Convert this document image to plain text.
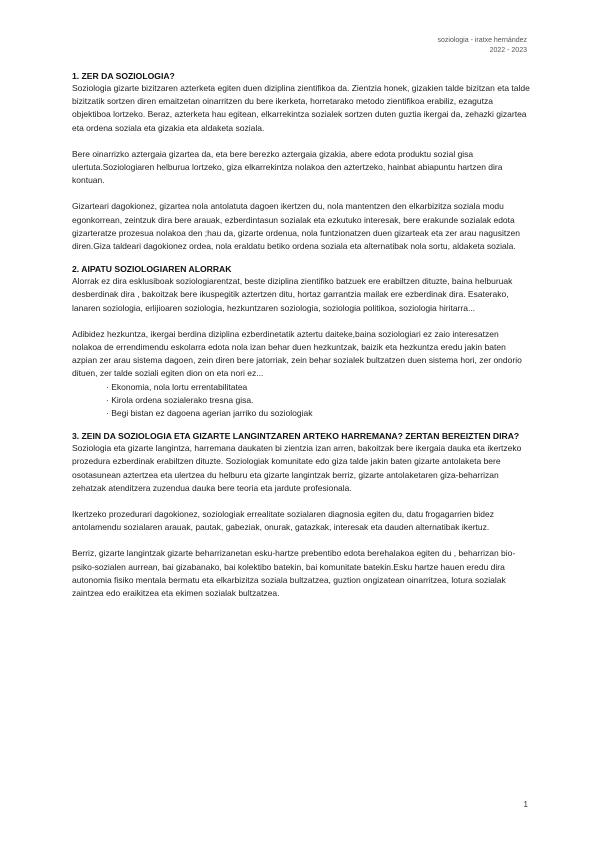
soziologia - iratxe hernández
2022 - 2023

1. ZER DA SOZIOLOGIA?

Soziologia gizarte bizitzaren azterketa egiten duen diziplina zientifikoa da. Zientzia honek, gizakien talde bizitzan eta talde bizitzatik sortzen diren emaitzetan oinarritzen du bere ikerketa, horretarako metodo zientifikoa erabiliz, ezagutza objektiboa lortzeko. Beraz, azterketa hau egitean, elkarrekintza sozialek sortzen duten guztia ikergai da, zehazki gizartea eta ordena soziala eta gizakia eta aldaketa soziala.

Bere oinarrizko aztergaia gizartea da, eta bere berezko aztergaia gizakia, abere edota produktu sozial gisa ulertuta.Soziologiaren helburua lortzeko, giza elkarrekintza nolakoa den aztertzeko, hainbat abiapuntu hartzen dira kontuan.

Gizarteari dagokionez, gizartea nola antolatuta dagoen ikertzen du, nola mantentzen den elkarbizitza soziala modu egonkorrean, zeintzuk dira bere arauak, ezberdintasun sozialak eta ezkutuko interesak, bere erakunde sozialak edota gizarteratze prozesua nolakoa den ;hau da, gizarte ordenua, nola funtzionatzen duen gizarteak eta zer arau nagusitzen diren.Giza taldeari dagokionez ordea, nola eraldatu betiko ordena soziala eta alternatibak nola sortu, aldaketa soziala.

2. AIPATU SOZIOLOGIAREN ALORRAK

Alorrak ez dira esklusiboak soziologiarentzat, beste diziplina zientifiko batzuek ere erabiltzen dituzte, baina helburuak desberdinak dira , bakoitzak bere ikuspegitik aztertzen ditu, hortaz garrantzia mailak ere ezberdinak dira. Esaterako, lanaren soziologia, erlijioaren soziologia, hezkuntzaren soziologia, soziologia politikoa, soziologia hiritarra...

Adibidez hezkuntza, ikergai berdina diziplina ezberdinetatik aztertu daiteke,baina soziologiari ez zaio interesatzen nolakoa de errendimendu eskolarra edota nola izan behar duen hezkuntzak, baizik eta hezkuntza eredu jakin baten azpian zer arau sistema dagoen, zein diren bere jatorriak, zein behar sozialek bultzatzen duen sistema hori, zer ondorio dituen, zer talde soziali egiten dion on eta nori ez...

· Ekonomia, nola lortu errentabilitatea
· Kirola ordena sozialerako tresna gisa.
· Begi bistan ez dagoena agerian jarriko du soziologiak

3. ZEIN DA SOZIOLOGIA ETA GIZARTE LANGINTZAREN ARTEKO HARREMANA? ZERTAN BEREIZTEN DIRA?

Soziologia eta gizarte langintza, harremana daukaten bi zientzia izan arren, bakoitzak bere ikergaia dauka eta ikertzeko prozedura ezberdinak erabiltzen dituzte. Soziologiak komunitate edo giza talde jakin baten gizarte antolaketa bere osotasunean aztertzea eta ulertzea du helburu eta gizarte langintzak berriz, gizarte antolaketaren giza-beharrizan zehatzak atenditzera zuzendua dauka bere teoria eta jardute profesionala.

Ikertzeko prozedurari dagokionez, soziologiak errealitate sozialaren diagnosia egiten du, datu frogagarrien bidez antolamendu sozialaren arauak, pautak, gabeziak, onurak, gatazkak, interesak eta dauden alternatibak ikertuz.

Berriz, gizarte langintzak gizarte beharrizanetan esku-hartze prebentibo edota berehalakoa egiten du , beharrizan bio-psiko-sozialen aurrean, bai gizabanako, bai kolektibo batekin, bai komunitate batekin.Esku hartze hauen eredu dira autonomia fisiko mentala bermatu eta elkarbizitza soziala bultzatzea, guztion ongizatean oinarritzea, lotura sozialak zaintzea edo eraikitzea eta ekimen sozialak bultzatzea.

1
